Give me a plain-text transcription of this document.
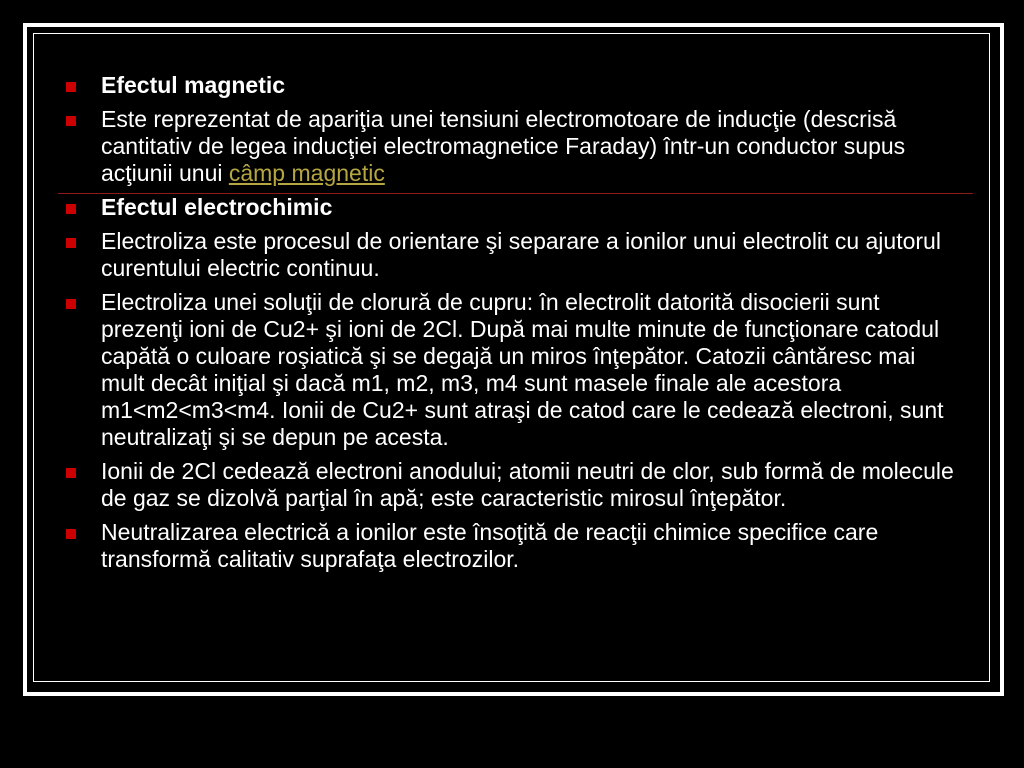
Efectul magnetic
Este reprezentat de apariţia unei tensiuni electromotoare de inducţie (descrisă cantitativ de legea inducţiei electromagnetice Faraday) într-un conductor supus acţiunii unui câmp magnetic
Efectul electrochimic
Electroliza este procesul de orientare şi separare a ionilor unui electrolit cu ajutorul curentului electric continuu.
Electroliza unei soluţii de clorură de cupru: în electrolit datorită disocierii sunt prezenţi ioni de Cu2+ şi ioni de 2Cl. După mai multe minute de funcţionare catodul capătă o culoare roşiatică şi se degajă un miros înţepător. Catozii cântăresc mai mult decât iniţial şi dacă m1, m2, m3, m4 sunt masele finale ale acestora m1<m2<m3<m4. Ionii de Cu2+ sunt atraşi de catod care le cedează electroni, sunt neutralizaţi şi se depun pe acesta.
Ionii de 2Cl cedează electroni anodului; atomii neutri de clor, sub formă de molecule de gaz se dizolvă parţial în apă; este caracteristic mirosul înţepător.
Neutralizarea electrică a ionilor este însoţită de reacţii chimice specifice care transformă calitativ suprafaţa electrozilor.
